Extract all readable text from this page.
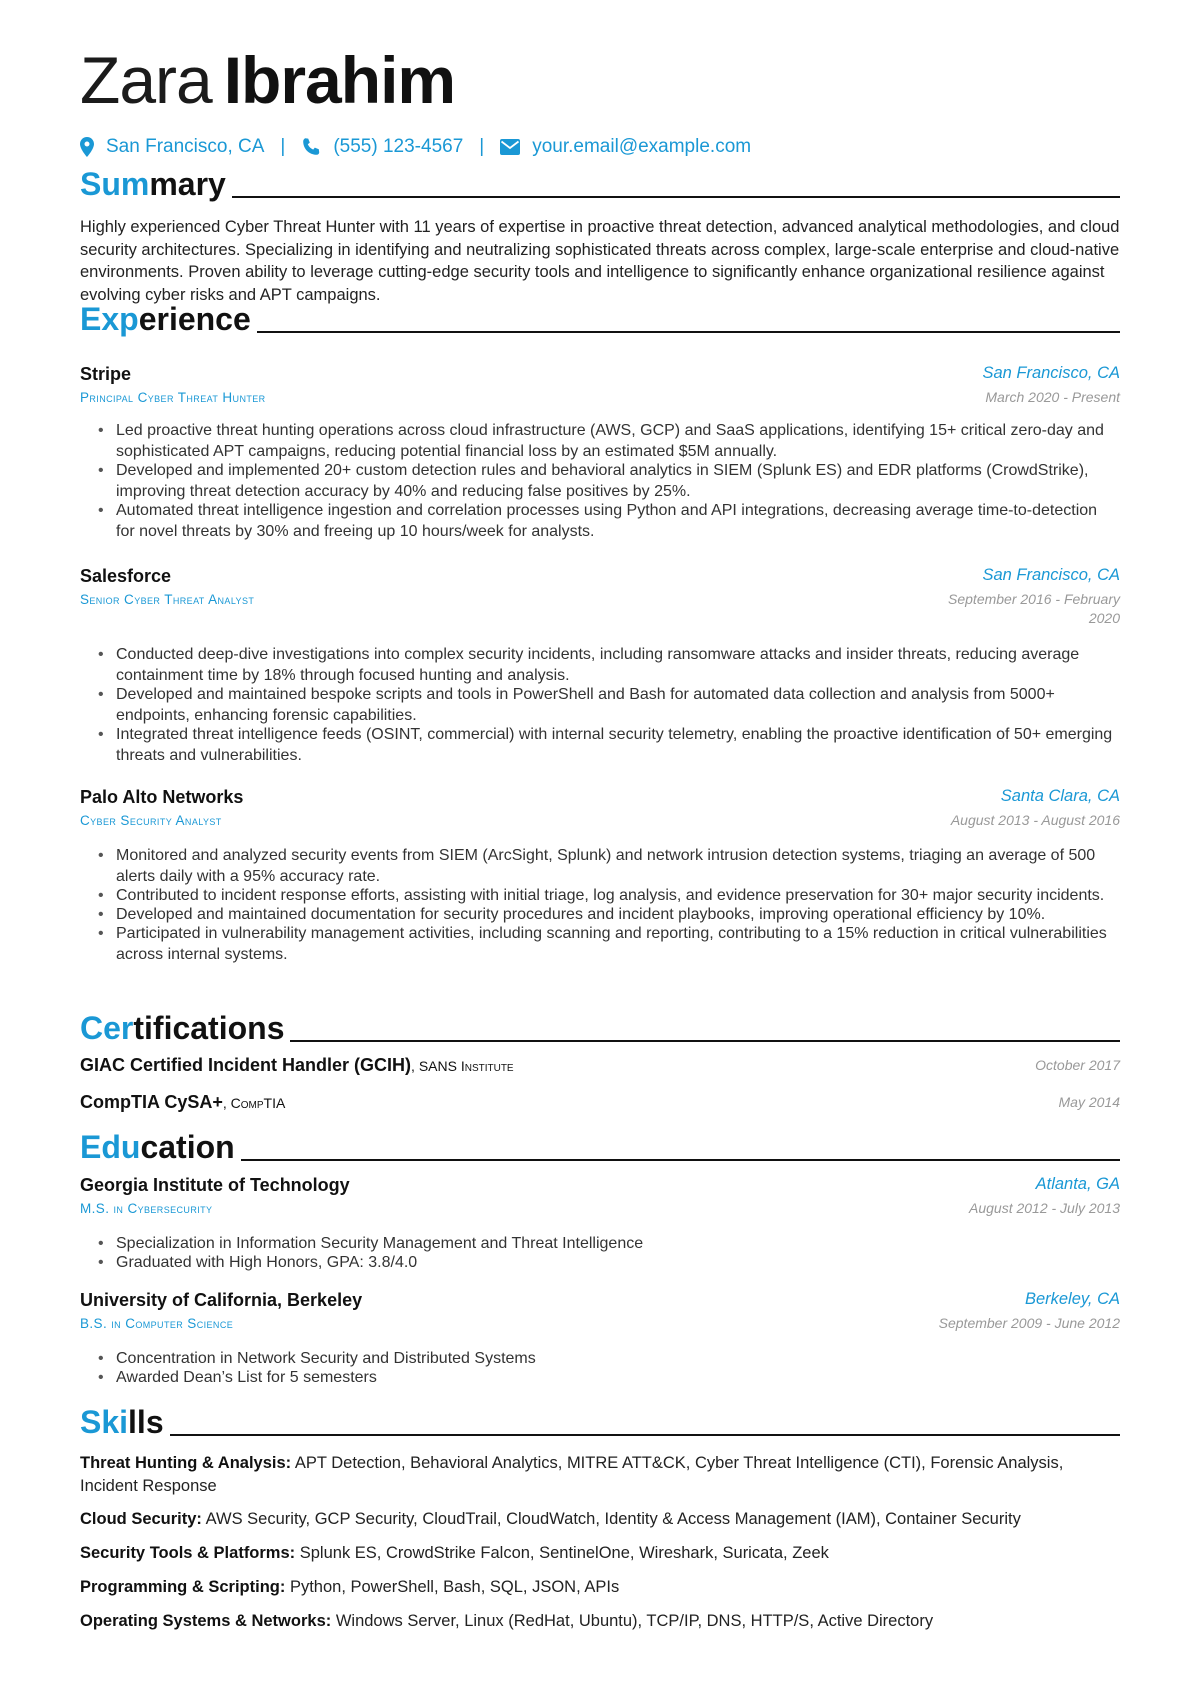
Zara Ibrahim
San Francisco, CA |	(555) 123-4567 |	your.email@example.com
Summary
Highly experienced Cyber Threat Hunter with 11 years of expertise in proactive threat detection, advanced analytical methodologies, and cloud security architectures. Specializing in identifying and neutralizing sophisticated threats across complex, large-scale enterprise and cloud-native environments. Proven ability to leverage cutting-edge security tools and intelligence to significantly enhance organizational resilience against evolving cyber risks and APT campaigns.
Experience
Stripe
Principal Cyber Threat Hunter
San Francisco, CA
March 2020 - Present
• Led proactive threat hunting operations across cloud infrastructure (AWS, GCP) and SaaS applications, identifying 15+ critical zero-day and sophisticated APT campaigns, reducing potential financial loss by an estimated $5M annually.
• Developed and implemented 20+ custom detection rules and behavioral analytics in SIEM (Splunk ES) and EDR platforms (CrowdStrike), improving threat detection accuracy by 40% and reducing false positives by 25%.
• Automated threat intelligence ingestion and correlation processes using Python and API integrations, decreasing average time-to-detection for novel threats by 30% and freeing up 10 hours/week for analysts.
Salesforce
Senior Cyber Threat Analyst
San Francisco, CA
September 2016 - February 2020
• Conducted deep-dive investigations into complex security incidents, including ransomware attacks and insider threats, reducing average containment time by 18% through focused hunting and analysis.
• Developed and maintained bespoke scripts and tools in PowerShell and Bash for automated data collection and analysis from 5000+ endpoints, enhancing forensic capabilities.
• Integrated threat intelligence feeds (OSINT, commercial) with internal security telemetry, enabling the proactive identification of 50+ emerging threats and vulnerabilities.
Palo Alto Networks
Cyber Security Analyst
Santa Clara, CA
August 2013 - August 2016
• Monitored and analyzed security events from SIEM (ArcSight, Splunk) and network intrusion detection systems, triaging an average of 500 alerts daily with a 95% accuracy rate.
• Contributed to incident response efforts, assisting with initial triage, log analysis, and evidence preservation for 30+ major security incidents.
• Developed and maintained documentation for security procedures and incident playbooks, improving operational efficiency by 10%.
• Participated in vulnerability management activities, including scanning and reporting, contributing to a 15% reduction in critical vulnerabilities across internal systems.
Certifications
GIAC Certified Incident Handler (GCIH), SANS Institute	October 2017
CompTIA CySA+, CompTIA	May 2014
Education
Georgia Institute of Technology
M.S. in Cybersecurity
Atlanta, GA
August 2012 - July 2013
• Specialization in Information Security Management and Threat Intelligence
• Graduated with High Honors, GPA: 3.8/4.0
University of California, Berkeley
B.S. in Computer Science
Berkeley, CA
September 2009 - June 2012
• Concentration in Network Security and Distributed Systems
• Awarded Dean’s List for 5 semesters
Skills
Threat Hunting & Analysis: APT Detection, Behavioral Analytics, MITRE ATT&CK, Cyber Threat Intelligence (CTI), Forensic Analysis, Incident Response
Cloud Security: AWS Security, GCP Security, CloudTrail, CloudWatch, Identity & Access Management (IAM), Container Security
Security Tools & Platforms: Splunk ES, CrowdStrike Falcon, SentinelOne, Wireshark, Suricata, Zeek
Programming & Scripting: Python, PowerShell, Bash, SQL, JSON, APIs
Operating Systems & Networks: Windows Server, Linux (RedHat, Ubuntu), TCP/IP, DNS, HTTP/S, Active Directory
